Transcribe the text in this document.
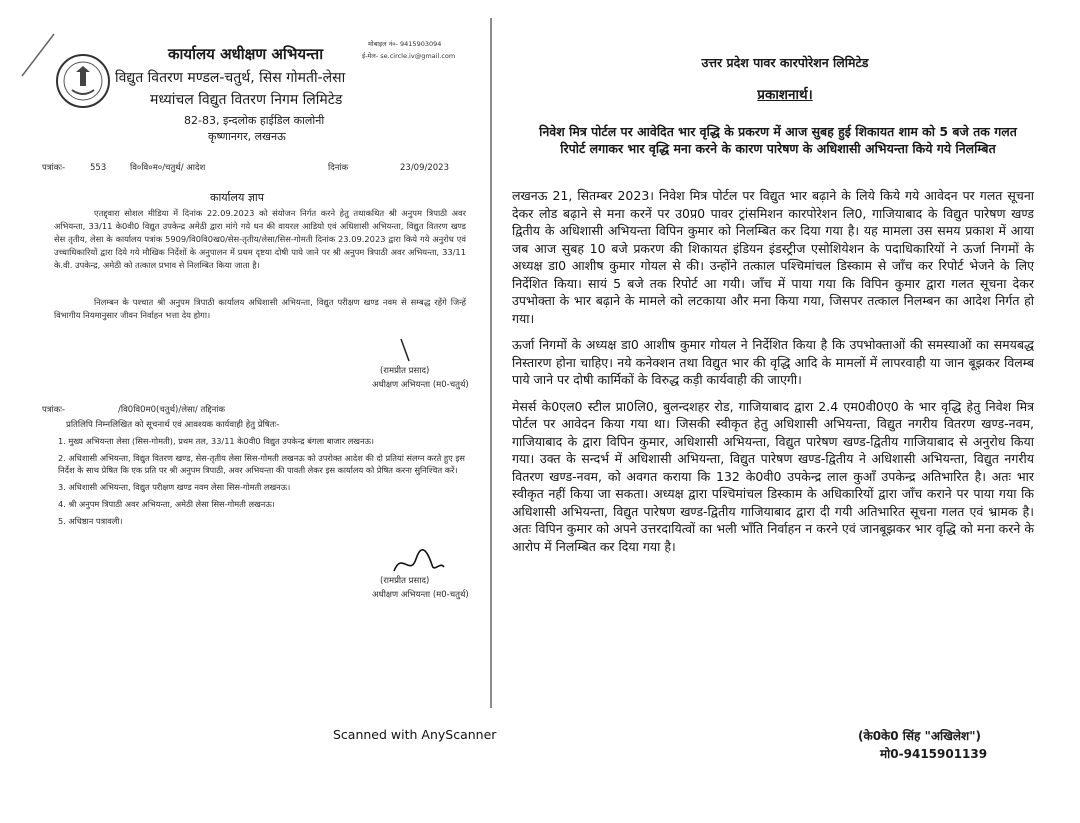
मोबाइल नं०- 9415903094
ई-मेल- se.circle.iv@gmail.com
कार्यालय अधीक्षण अभियन्ता
विद्युत वितरण मण्डल-चतुर्थ, सिस गोमती-लेसा
मध्यांचल विद्युत वितरण निगम लिमिटेड
82-83, इन्दलोक हाईडिल कालोनी
कृष्णानगर, लखनऊ
पत्रांकः-	553	वि०वि०म०/चतुर्थ/ आदेश	दिनांक	23/09/2023
कार्यालय ज्ञाप
एतद्द्वारा सोशल मीडिया में दिनांक 22.09.2023 को संयोजन निर्गत करने हेतु तथाकथित श्री अनुपम त्रिपाठी अवर अभियन्ता, 33/11 के0वी0 विद्युत उपकेन्द्र अमेठी द्वारा मांगे गये धन की वायरल आडियो एवं अधिशासी अभियन्ता, विद्युत वितरण खण्ड सेस तृतीय, लेसा के कार्यालय पत्रांक 5909/वि0वि0ख0/सेस-तृतीय/लेसा/सिस-गोमती दिनांक 23.09.2023 द्वारा किये गये अनुरोध एवं उच्चाधिकारियों द्वारा दिये गये मौखिक निर्देशों के अनुपालन में प्रथम दृष्टया दोषी पाये जाने पर श्री अनुपम त्रिपाठी अवर अभियन्ता, 33/11 के.वी. उपकेन्द्र, अमेठी को तत्काल प्रभाव से निलम्बित किया जाता है।
निलम्बन के पश्चात श्री अनुपम त्रिपाठी कार्यालय अधिशासी अभियन्ता, विद्युत परीक्षण खण्ड नवम से सम्बद्ध रहेंगे जिन्हें विभागीय नियमानुसार जीवन निर्वाहन भत्ता देय होगा।
(रामप्रीत प्रसाद)
अधीक्षण अभियन्ता (म0-चतुर्थ)
पत्रांकः-	/वि0वि0म0(चतुर्थ)/लेसा/ तद्दिनांक
प्रतिलिपि निम्नलिखित को सूचनार्थ एवं आवश्यक कार्यवाही हेतु प्रेषितः-
1. मुख्य अभियन्ता लेसा (सिस-गोमती), प्रथम तल, 33/11 के0वी0 विद्युत उपकेन्द्र बंगला बाजार लखनऊ।
2. अधिशासी अभियन्ता, विद्युत वितरण खण्ड, सेस-तृतीय लेसा सिस-गोमती लखनऊ को उपरोक्त आदेश की दो प्रतियां संलग्न करते हुए इस निर्देश के साथ प्रेषित कि एक प्रति पर श्री अनुपम त्रिपाठी, अवर अभियन्ता की पावती लेकर इस कार्यालय को प्रेषित करना सुनिश्चित करें।
3. अधिशासी अभियन्ता, विद्युत परीक्षण खण्ड नवम लेसा सिस-गोमती लखनऊ।
4. श्री अनुपम त्रिपाठी अवर अभियन्ता, अमेठी लेसा सिस-गोमती लखनऊ।
5. अधिष्ठान पत्रावली।
(रामप्रीत प्रसाद)
अधीक्षण अभियन्ता (म0-चतुर्थ)
Scanned with AnyScanner
उत्तर प्रदेश पावर कारपोरेशन लिमिटेड
प्रकाशनार्थ।
निवेश मित्र पोर्टल पर आवेदित भार वृद्धि के प्रकरण में आज सुबह हुई शिकायत शाम को 5 बजे तक गलत रिपोर्ट लगाकर भार वृद्धि मना करने के कारण पारेषण के अधिशासी अभियन्ता किये गये निलम्बित

लखनऊ 21, सितम्बर 2023। निवेश मित्र पोर्टल पर विद्युत भार बढ़ाने के लिये किये गये आवेदन पर गलत सूचना देकर लोड बढ़ाने से मना करनें पर उ0प्र0 पावर ट्रांसमिशन कारपोरेशन लि0, गाजियाबाद के विद्युत पारेषण खण्ड द्वितीय के अधिशासी अभियन्ता विपिन कुमार को निलम्बित कर दिया गया है। यह मामला उस समय प्रकाश में आया जब आज सुबह 10 बजे प्रकरण की शिकायत इंडियन इंडस्ट्रीज एसोशियेशन के पदाधिकारियों ने ऊर्जा निगमों के अध्यक्ष डा0 आशीष कुमार गोयल से की। उन्होंने तत्काल पश्चिमांचल डिस्काम से जाँच कर रिपोर्ट भेजने के लिए निर्देशित किया। सायं 5 बजे तक रिपोर्ट आ गयी। जाँच में पाया गया कि विपिन कुमार द्वारा गलत सूचना देकर उपभोक्ता के भार बढ़ाने के मामले को लटकाया और मना किया गया, जिसपर तत्काल निलम्बन का आदेश निर्गत हो गया।

ऊर्जा निगमों के अध्यक्ष डा0 आशीष कुमार गोयल ने निर्देशित किया है कि उपभोक्ताओं की समस्याओं का समयबद्ध निस्तारण होना चाहिए। नये कनेक्शन तथा विद्युत भार की वृद्धि आदि के मामलों में लापरवाही या जान बूझकर विलम्ब पाये जाने पर दोषी कार्मिकों के विरुद्ध कड़ी कार्यवाही की जाएगी।

मेसर्स के0एल0 स्टील प्रा0लि0, बुलन्दशहर रोड, गाजियाबाद द्वारा 2.4 एम0वी0ए0 के भार वृद्धि हेतु निवेश मित्र पोर्टल पर आवेदन किया गया था। जिसकी स्वीकृत हेतु अधिशासी अभियन्ता, विद्युत नगरीय वितरण खण्ड-नवम, गाजियाबाद के द्वारा विपिन कुमार, अधिशासी अभियन्ता, विद्युत पारेषण खण्ड-द्वितीय गाजियाबाद से अनुरोध किया गया। उक्त के सन्दर्भ में अधिशासी अभियन्ता, विद्युत पारेषण खण्ड-द्वितीय ने अधिशासी अभियन्ता, विद्युत नगरीय वितरण खण्ड-नवम, को अवगत कराया कि 132 के0वी0 उपकेन्द्र लाल कुआँ उपकेन्द्र अतिभारित है। अतः भार स्वीकृत नहीं किया जा सकता। अध्यक्ष द्वारा पश्चिमांचल डिस्काम के अधिकारियों द्वारा जाँच कराने पर पाया गया कि अधिशासी अभियन्ता, विद्युत पारेषण खण्ड-द्वितीय गाजियाबाद द्वारा दी गयी अतिभारित सूचना गलत एवं भ्रामक है। अतः विपिन कुमार को अपने उत्तरदायित्वों का भली भाँति निर्वाहन न करने एवं जानबूझकर भार वृद्धि को मना करने के आरोप में निलम्बित कर दिया गया है।

(के0के0 सिंह "अखिलेश")
मो0-9415901139
